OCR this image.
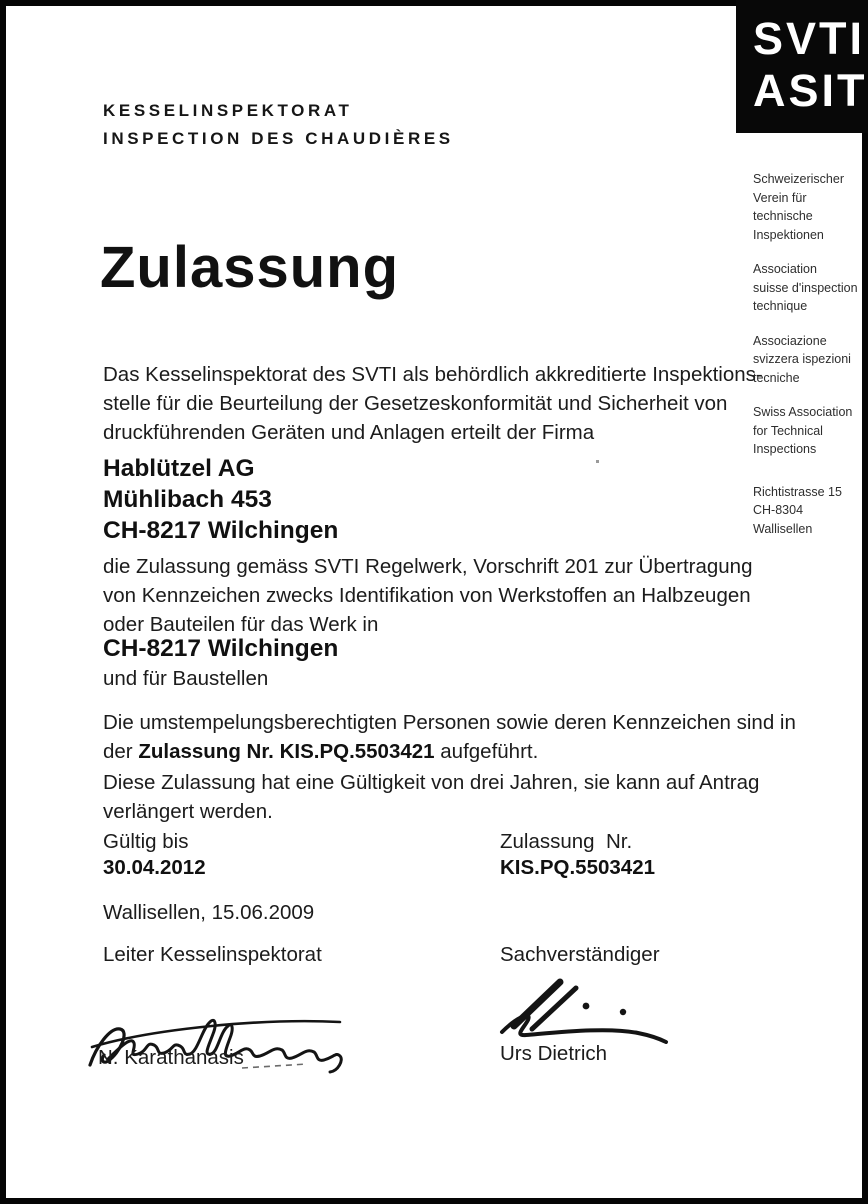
KESSELINSPEKTORAT
INSPECTION DES CHAUDIÈRES
SVTI
ASIT
Schweizerischer
Verein für technische
Inspektionen
Association
suisse d'inspection
technique
Associazione
svizzera ispezioni
tecniche
Swiss Association
for Technical
Inspections
Richtistrasse 15
CH-8304 Wallisellen
Zulassung
Das Kesselinspektorat des SVTI als behördlich akkreditierte Inspektions-
stelle für die Beurteilung der Gesetzeskonformität und Sicherheit von
druckführenden Geräten und Anlagen erteilt der Firma
Hablützel AG
Mühlibach 453
CH-8217 Wilchingen
die Zulassung gemäss SVTI Regelwerk, Vorschrift 201 zur Übertragung
von Kennzeichen zwecks Identifikation von Werkstoffen an Halbzeugen
oder Bauteilen für das Werk in
CH-8217 Wilchingen
und für Baustellen
Die umstempelungsberechtigten Personen sowie deren Kennzeichen sind in
der Zulassung Nr. KIS.PQ.5503421 aufgeführt.
Diese Zulassung hat eine Gültigkeit von drei Jahren, sie kann auf Antrag
verlängert werden.
Gültig bis
30.04.2012
Zulassung  Nr.
KIS.PQ.5503421
Wallisellen, 15.06.2009
Leiter Kesselinspektorat	Sachverständiger
N. Karathanasis	Urs Dietrich
